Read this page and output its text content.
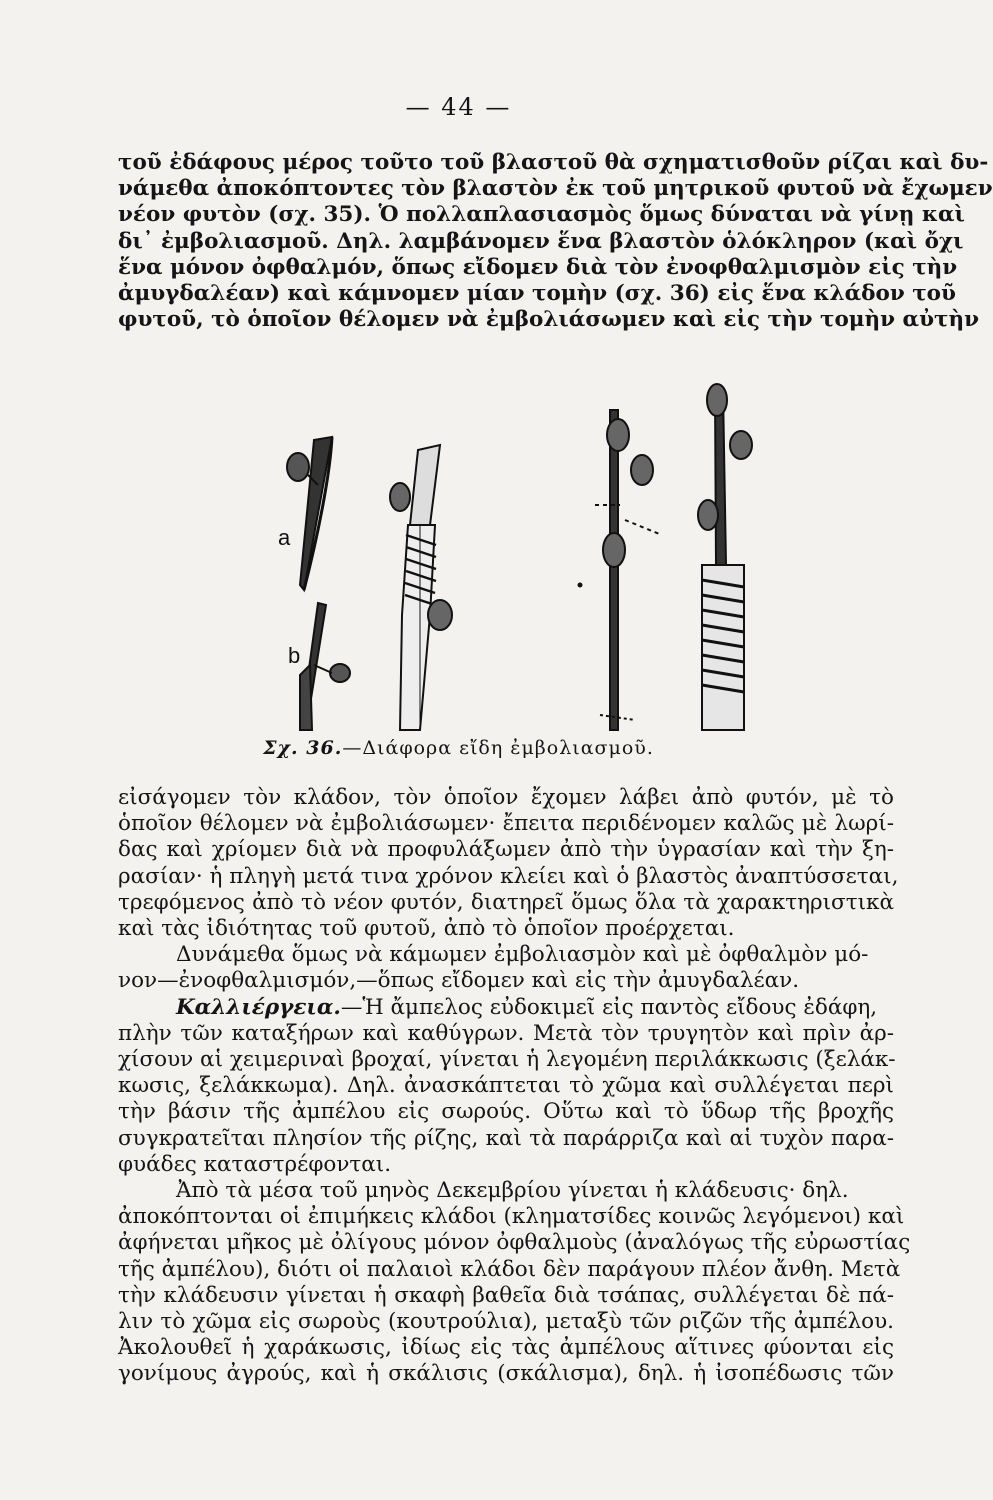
— 44 —
τοῦ ἐδάφους μέρος τοῦτο τοῦ βλαστοῦ θὰ σχηματισθοῦν ρίζαι καὶ δυ-
νάμεθα ἀποκόπτοντες τὸν βλαστὸν ἐκ τοῦ μητρικοῦ φυτοῦ νὰ ἔχωμεν
νέον φυτὸν (σχ. 35). Ὁ πολλαπλασιασμὸς ὅμως δύναται νὰ γίνῃ καὶ
δι᾿ ἐμβολιασμοῦ. Δηλ. λαμβάνομεν ἕνα βλαστὸν ὁλόκληρον (καὶ ὄχι
ἕνα μόνον ὀφθαλμόν, ὅπως εἴδομεν διὰ τὸν ἐνοφθαλμισμὸν εἰς τὴν
ἀμυγδαλέαν) καὶ κάμνομεν μίαν τομὴν (σχ. 36) εἰς ἕνα κλάδον τοῦ
φυτοῦ, τὸ ὁποῖον θέλομεν νὰ ἐμβολιάσωμεν καὶ εἰς τὴν τομὴν αὐτὴν
a
b
Σχ. 36.—Διάφορα εἴδη ἐμβολιασμοῦ.
εἰσάγομεν τὸν κλάδον, τὸν ὁποῖον ἔχομεν λάβει ἀπὸ φυτόν, μὲ τὸ
ὁποῖον θέλομεν νὰ ἐμβολιάσωμεν· ἔπειτα περιδένομεν καλῶς μὲ λωρί-
δας καὶ χρίομεν διὰ νὰ προφυλάξωμεν ἀπὸ τὴν ὑγρασίαν καὶ τὴν ξη-
ρασίαν· ἡ πληγὴ μετά τινα χρόνον κλείει καὶ ὁ βλαστὸς ἀναπτύσσεται,
τρεφόμενος ἀπὸ τὸ νέον φυτόν, διατηρεῖ ὅμως ὅλα τὰ χαρακτηριστικὰ
καὶ τὰς ἰδιότητας τοῦ φυτοῦ, ἀπὸ τὸ ὁποῖον προέρχεται.
Δυνάμεθα ὅμως νὰ κάμωμεν ἐμβολιασμὸν καὶ μὲ ὀφθαλμὸν μό-
νον—ἐνοφθαλμισμόν,—ὅπως εἴδομεν καὶ εἰς τὴν ἀμυγδαλέαν.
Καλλιέργεια.—Ἡ ἄμπελος εὐδοκιμεῖ εἰς παντὸς εἴδους ἐδάφη,
πλὴν τῶν καταξήρων καὶ καθύγρων. Μετὰ τὸν τρυγητὸν καὶ πρὶν ἀρ-
χίσουν αἱ χειμεριναὶ βροχαί, γίνεται ἡ λεγομένη περιλάκκωσις (ξελάκ-
κωσις, ξελάκκωμα). Δηλ. ἀνασκάπτεται τὸ χῶμα καὶ συλλέγεται περὶ
τὴν βάσιν τῆς ἀμπέλου εἰς σωρούς. Οὕτω καὶ τὸ ὕδωρ τῆς βροχῆς
συγκρατεῖται πλησίον τῆς ρίζης, καὶ τὰ παράρριζα καὶ αἱ τυχὸν παρα-
φυάδες καταστρέφονται.
Ἀπὸ τὰ μέσα τοῦ μηνὸς Δεκεμβρίου γίνεται ἡ κλάδευσις· δηλ.
ἀποκόπτονται οἱ ἐπιμήκεις κλάδοι (κληματσίδες κοινῶς λεγόμενοι) καὶ
ἀφήνεται μῆκος μὲ ὀλίγους μόνον ὀφθαλμοὺς (ἀναλόγως τῆς εὐρωστίας
τῆς ἀμπέλου), διότι οἱ παλαιοὶ κλάδοι δὲν παράγουν πλέον ἄνθη. Μετὰ
τὴν κλάδευσιν γίνεται ἡ σκαφὴ βαθεῖα διὰ τσάπας, συλλέγεται δὲ πά-
λιν τὸ χῶμα εἰς σωροὺς (κουτρούλια), μεταξὺ τῶν ριζῶν τῆς ἀμπέλου.
Ἀκολουθεῖ ἡ χαράκωσις, ἰδίως εἰς τὰς ἀμπέλους αἵτινες φύονται εἰς
γονίμους ἀγρούς, καὶ ἡ σκάλισις (σκάλισμα), δηλ. ἡ ἰσοπέδωσις τῶν
